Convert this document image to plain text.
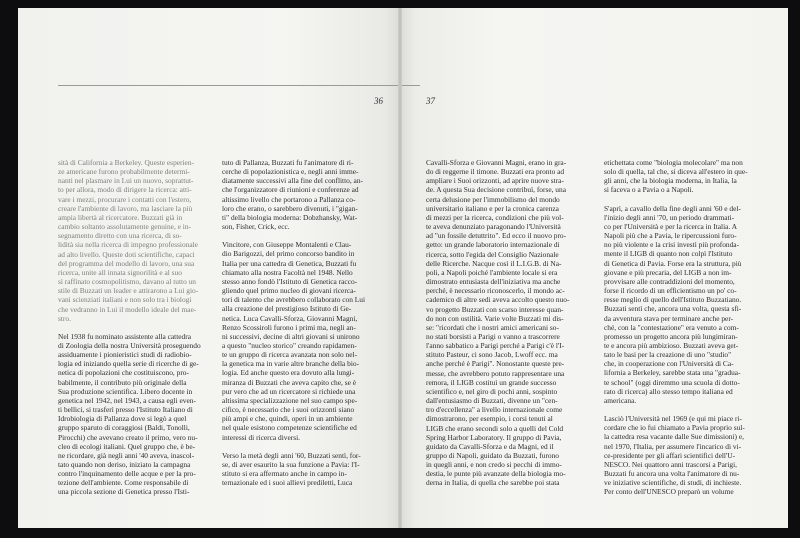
36

sità di California a Berkeley. Queste esperien-
ze americane furono probabilmente determi-
nanti nel plasmare in Lui un nuovo, soprattut-
to per allora, modo di dirigere la ricerca: atti-
vare i mezzi, procurare i contatti con l'estero,
creare l'ambiente di lavoro, ma lasciare la più
ampia libertà al ricercatore. Buzzati già in
cambio soltanto assolutamente genuine, e in-
segnamento diretto con una ricerca, di so-
lidità sia nella ricerca di impegno professionale
ad alto livello. Queste doti scientifiche, capaci
del programma del modello di lavoro, una sua
ricerca, unite all innata signorilità e al suo
sì raffinato cosmopolitismo, davano al tutto un
stile di Buzzati un leader e attirarono a Lui gio-
vani scienziati italiani e non solo tra i biologi
che vedranno in Lui il modello ideale del mae-
stro.

Nel 1938 fu nominato assistente alla cattedra
di Zoologia della nostra Università proseguendo
assiduamente i pionieristici studi di radiobio-
logia ed iniziando quella serie di ricerche di ge-
netica di popolazioni che costituiscono, pro-
babilmente, il contributo più originale della
Sua produzione scientifica. Libero docente in
genetica nel 1942, nel 1943, a causa egli even-
ti bellici, si trasferì presso l'Istituto Italiano di
Idrobiologia di Pallanza dove si legò a quel
gruppo sparuto di coraggiosi (Baldi, Tonolli,
Pirocchi) che avevano creato il primo, vero nu-
cleo di ecologi italiani. Quel gruppo che, è be-
ne ricordare, già negli anni '40 aveva, inascol-
tato quando non deriso, iniziato la campagna
contro l'inquinamento delle acque e per la pro-
tezione dell'ambiente. Come responsabile di
una piccola sezione di Genetica presso l'Isti-

tuto di Pallanza, Buzzati fu l'animatore di ri-
cerche di popolazionistica e, negli anni imme-
diatamente successivi alla fine del conflitto, an-
che l'organizzatore di riunioni e conferenze ad
altissimo livello che portarono a Pallanza co-
loro che erano, o sarebbero divenuti, i "gigan-
ti" della biologia moderna: Dobzhansky, Wat-
son, Fisher, Crick, ecc.

Vincitore, con Giuseppe Montalenti e Clau-
dio Barigozzi, del primo concorso bandito in
Italia per una cattedra di Genetica, Buzzati fu
chiamato alla nostra Facoltà nel 1948. Nello
stesso anno fondò l'Istituto di Genetica racco-
gliendo quel primo nucleo di giovani ricerca-
tori di talento che avrebbero collaborato con Lui
alla creazione del prestigioso Istituto di Ge-
netica. Luca Cavalli-Sforza, Giovanni Magni,
Renzo Scossiroli furono i primi ma, negli an-
ni successivi, decine di altri giovani si unirono
a questo "nucleo storico" creando rapidamen-
te un gruppo di ricerca avanzata non solo nel-
la genetica ma in varie altre branche della bio-
logia. Ed anche questo era dovuto alla lungi-
miranza di Buzzati che aveva capito che, se è
pur vero che ad un ricercatore si richiede una
altissima specializzazione nel suo campo spe-
cifico, è necessario che i suoi orizzonti siano
più ampi e che, quindi, operi in un ambiente
nel quale esistono competenze scientifiche ed
interessi di ricerca diversi.

Verso la metà degli anni '60, Buzzati sentì, for-
se, di aver esaurito la sua funzione a Pavia: l'I-
stituto si era affermato anche in campo in-
ternazionale ed i suoi allievi prediletti, Luca

37

Cavalli-Sforza e Giovanni Magni, erano in gra-
do di reggerne il timone. Buzzati era pronto ad
ampliare i Suoi orizzonti, ad aprire nuove stra-
de. A questa Sua decisione contribuì, forse, una
certa delusione per l'immobilismo del mondo
universitario italiano e per la cronica carenza
di mezzi per la ricerca, condizioni che più vol-
te aveva denunziato paragonando l'Università
ad "un fossile detuttrito". Ed ecco il nuovo pro-
getto: un grande laboratorio internazionale di
ricerca, sotto l'egida del Consiglio Nazionale
delle Ricerche. Nacque così il L.I.G.B. di Na-
poli, a Napoli poiché l'ambiente locale si era
dimostrato entusiasta dell'iniziativa ma anche
perché, è necessario riconoscerlo, il mondo ac-
cademico di altre sedi aveva accolto questo nuo-
vo progetto Buzzati con scarso interesse quan-
do non con ostilità. Varie volte Buzzati mi dis-
se: "ricordati che i nostri amici americani so-
no stati borsisti a Parigi o vanno a trascorrere
l'anno sabbatico a Parigi perché a Parigi c'è l'I-
stituto Pasteur, ci sono Jacob, Lwoff ecc. ma
anche perché è Parigi". Nonostante queste pre-
messe, che avrebbero potuto rappresentare una
remora, il LIGB costituì un grande successo
scientifico e, nel giro di pochi anni, sospinto
dall'entusiasmo di Buzzati, divenne un "cen-
tro d'eccellenza" a livello internazionale come
dimostrarono, per esempio, i corsi tenuti al
LIGB che erano secondi solo a quelli del Cold
Spring Harbor Laboratory. Il gruppo di Pavia,
guidato da Cavalli-Sforza e da Magni, ed il
gruppo di Napoli, guidato da Buzzati, furono
in quegli anni, e non credo si pecchi di immo-
destia, le punte più avanzate della biologia mo-
derna in Italia, di quella che sarebbe poi stata

etichettata come "biologia molecolare" ma non
solo di quella, tal che, si diceva all'estero in que-
gli anni, che la biologia moderna, in Italia, la
si faceva o a Pavia o a Napoli.

S'aprì, a cavallo della fine degli anni '60 e del-
l'inizio degli anni '70, un periodo drammati-
co per l'Università e per la ricerca in Italia. A
Napoli più che a Pavia, le ripercussioni furo-
no più violente e la crisi investì più profonda-
mente il LIGB di quanto non colpì l'Istituto
di Genetica di Pavia. Forse era la struttura, più
giovane e più precaria, del LIGB a non im-
provvisare alle contraddizioni del momento,
forse il ricordo di un efficientismo un po' co-
resse meglio di quello dell'Istituto Buzzatiano.
Buzzati sentì che, ancora una volta, questa sfi-
da avventura stava per terminare anche per-
ché, con la "contestazione" era venuto a com-
promesso un progetto ancora più lungimiran-
te e ancora più ambizioso. Buzzati aveva get-
tato le basi per la creazione di uno "studio"
che, in cooperazione con l'Università di Ca-
lifornia a Berkeley, sarebbe stata una "gradua-
te school" (oggi diremmo una scuola di dotto-
rato di ricerca) allo stesso tempo italiana ed
americana.

Lasciò l'Università nel 1969 (e qui mi piace ri-
cordare che io fui chiamato a Pavia proprio sul-
la cattedra resa vacante dalle Sue dimissioni) e,
nel 1970, l'Italia, per assumere l'incarico di vi-
ce-presidente per gli affari scientifici dell'U-
NESCO. Nei quattoro anni trascorsi a Parigi,
Buzzati fu ancora una volta l'animatore di nu-
ve iniziative scientifiche, di studi, di inchieste.
Per conto dell'UNESCO preparò un volume
